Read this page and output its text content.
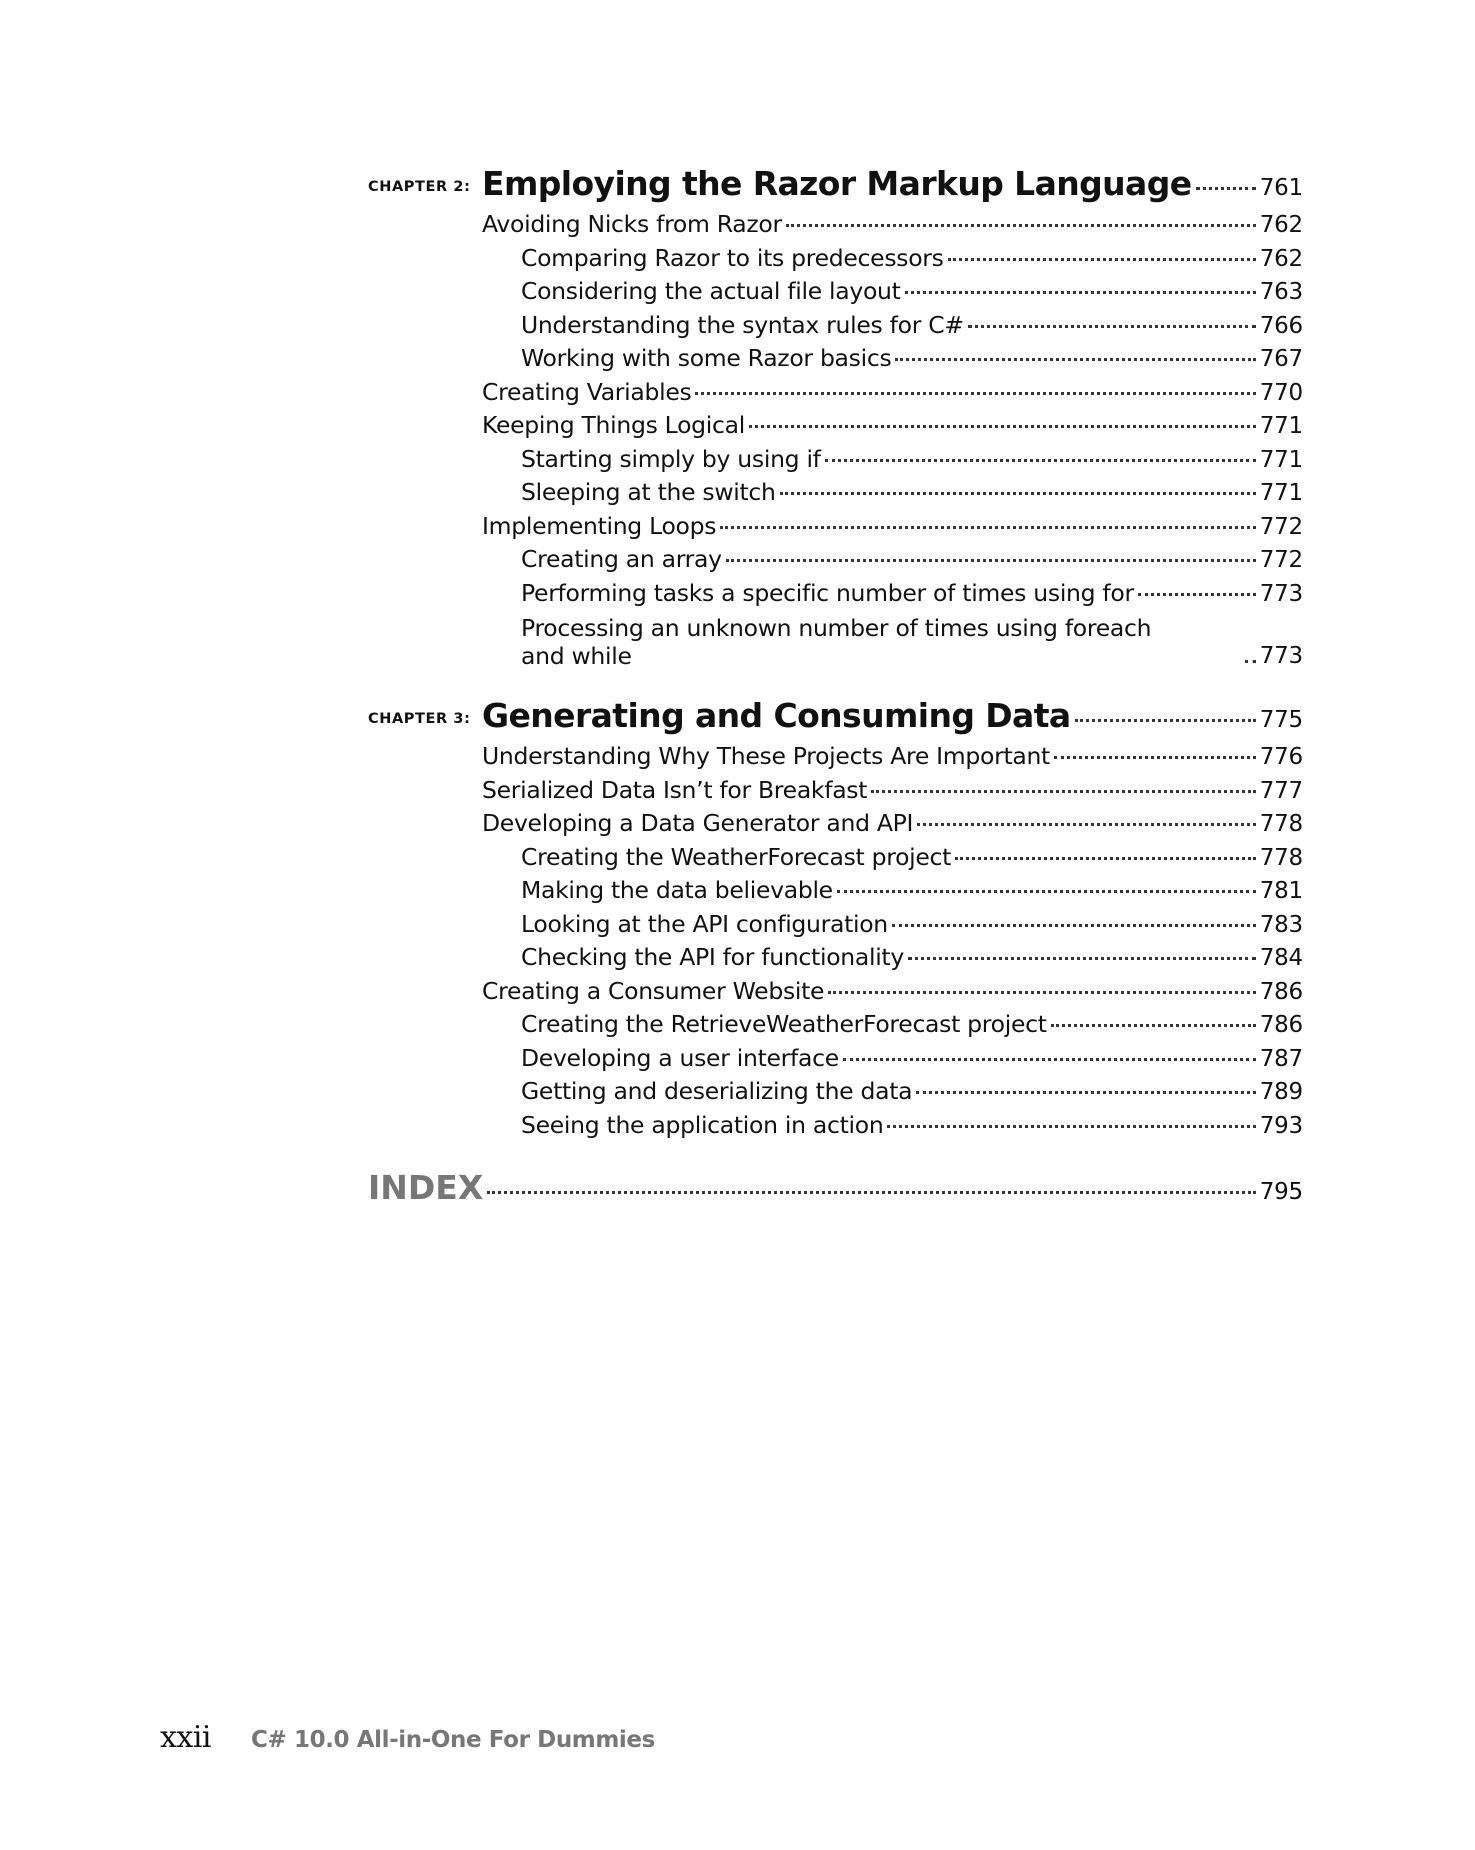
CHAPTER 2: Employing the Razor Markup Language	761
Avoiding Nicks from Razor	762
Comparing Razor to its predecessors	762
Considering the actual file layout	763
Understanding the syntax rules for C#	766
Working with some Razor basics	767
Creating Variables	770
Keeping Things Logical	771
Starting simply by using if	771
Sleeping at the switch	771
Implementing Loops	772
Creating an array	772
Performing tasks a specific number of times using for	773
Processing an unknown number of times using foreach
and while	773
CHAPTER 3: Generating and Consuming Data	775
Understanding Why These Projects Are Important	776
Serialized Data Isn’t for Breakfast	777
Developing a Data Generator and API	778
Creating the WeatherForecast project	778
Making the data believable	781
Looking at the API configuration	783
Checking the API for functionality	784
Creating a Consumer Website	786
Creating the RetrieveWeatherForecast project	786
Developing a user interface	787
Getting and deserializing the data	789
Seeing the application in action	793
INDEX	795
xxii C# 10.0 All-in-One For Dummies
